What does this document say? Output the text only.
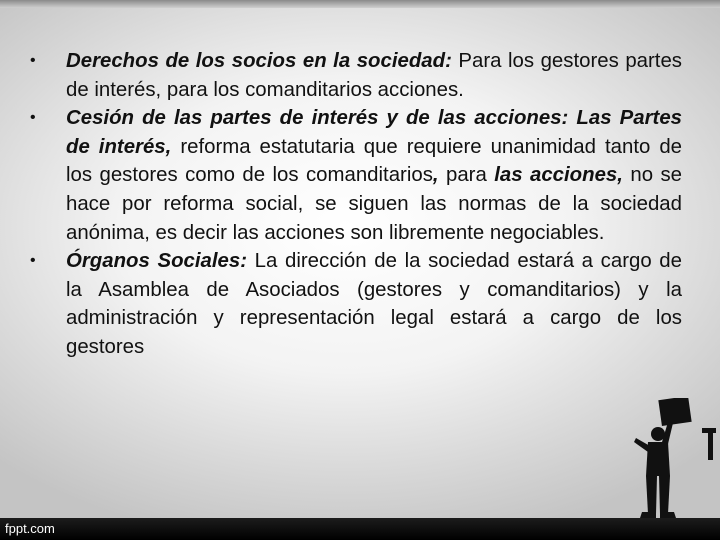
• Derechos de los socios en la sociedad: Para los gestores partes de interés, para los comanditarios acciones.
• Cesión de las partes de interés y de las acciones: Las Partes de interés, reforma estatutaria que requiere unanimidad tanto de los gestores como de los comanditarios, para las acciones, no se hace por reforma social, se siguen las normas de la sociedad anónima, es decir las acciones son libremente negociables.
• Órganos Sociales: La dirección de la sociedad estará a cargo de la Asamblea de Asociados (gestores y comanditarios) y la administración y representación legal estará a cargo de los gestores
fppt.com
